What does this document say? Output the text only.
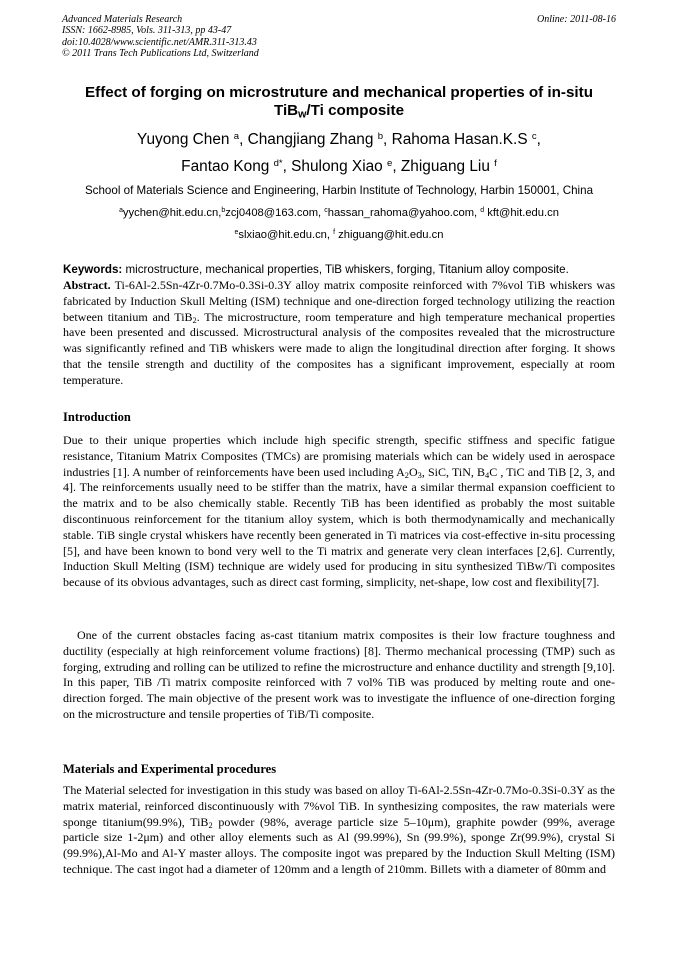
Advanced Materials Research
ISSN: 1662-8985, Vols. 311-313, pp 43-47
doi:10.4028/www.scientific.net/AMR.311-313.43
© 2011 Trans Tech Publications Ltd, Switzerland
Online: 2011-08-16
Effect of forging on microstruture and mechanical properties of in-situ
TiB$_w$/Ti composite
Yuyong Chen $^a$, Changjiang Zhang $^b$, Rahoma Hasan.K.S $^c$,
Fantao Kong $^{d*}$, Shulong Xiao $^e$, Zhiguang Liu $^f$
School of Materials Science and Engineering, Harbin Institute of Technology, Harbin 150001, China
$^a$yychen@hit.edu.cn,$^b$zcj0408@163.com, $^c$hassan_rahoma@yahoo.com, $^d$ kft@hit.edu.cn
$^e$slxiao@hit.edu.cn, $^f$ zhiguang@hit.edu.cn
Keywords: microstructure, mechanical properties, TiB whiskers, forging, Titanium alloy composite.
Abstract. Ti-6Al-2.5Sn-4Zr-0.7Mo-0.3Si-0.3Y alloy matrix composite reinforced with 7%vol TiB whiskers was fabricated by Induction Skull Melting (ISM) technique and one-direction forged technology utilizing the reaction between titanium and TiB$_2$. The microstructure, room temperature and high temperature mechanical properties have been presented and discussed. Microstructural analysis of the composites revealed that the microstructure was significantly refined and TiB whiskers were made to align the longitudinal direction after forging. It shows that the tensile strength and ductility of the composites has a significant improvement, especially at room temperature.
Introduction
Due to their unique properties which include high specific strength, specific stiffness and specific fatigue resistance, Titanium Matrix Composites (TMCs) are promising materials which can be widely used in aerospace industries [1]. A number of reinforcements have been used including $A_2O_3$, SiC, TiN, $B_4C$ , TiC and TiB [2, 3, and 4]. The reinforcements usually need to be stiffer than the matrix, have a similar thermal expansion coefficient to the matrix and to be also chemically stable. Recently TiB has been identified as probably the most suitable discontinuous reinforcement for the titanium alloy system, which is both thermodynamically and mechanically stable. TiB single crystal whiskers have recently been generated in Ti matrices via cost-effective in-situ processing [5], and have been known to bond very well to the Ti matrix and generate very clean interfaces [2,6]. Currently, Induction Skull Melting (ISM) technique are widely used for producing in situ synthesized TiBw/Ti composites because of its obvious advantages, such as direct cast forming, simplicity, net-shape, low cost and flexibility[7].
One of the current obstacles facing as-cast titanium matrix composites is their low fracture toughness and ductility (especially at high reinforcement volume fractions) [8]. Thermo mechanical processing (TMP) such as forging, extruding and rolling can be utilized to refine the microstructure and enhance ductility and strength [9,10]. In this paper, TiB /Ti matrix composite reinforced with 7 vol% TiB was produced by melting route and one-direction forged. The main objective of the present work was to investigate the influence of one-direction forging on the microstructure and tensile properties of TiB/Ti composite.
Materials and Experimental procedures
The Material selected for investigation in this study was based on alloy Ti-6Al-2.5Sn-4Zr-0.7Mo-0.3Si-0.3Y as the matrix material, reinforced discontinuously with 7%vol TiB. In synthesizing composites, the raw materials were sponge titanium(99.9%), TiB$_2$ powder (98%, average particle size 5–10μm), graphite powder (99%, average particle size 1-2μm) and other alloy elements such as Al (99.99%), Sn (99.9%), sponge Zr(99.9%), crystal Si (99.9%),Al-Mo and Al-Y master alloys. The composite ingot was prepared by the Induction Skull Melting (ISM) technique. The cast ingot had a diameter of 120mm and a length of 210mm. Billets with a diameter of 80mm and
